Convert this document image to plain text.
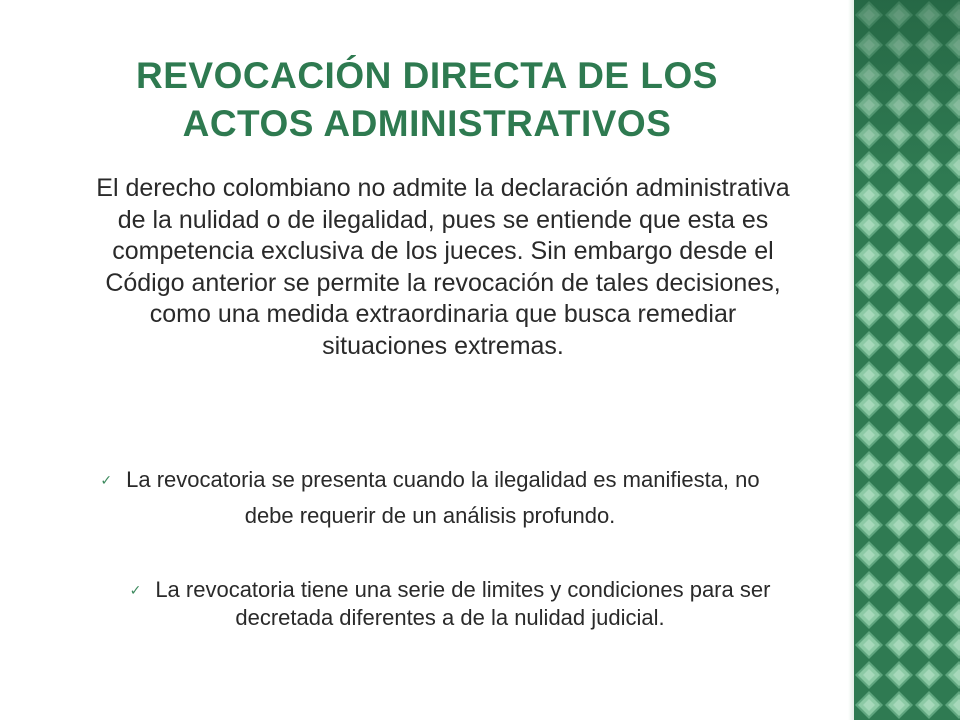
REVOCACIÓN DIRECTA DE LOS
ACTOS ADMINISTRATIVOS

El derecho colombiano no admite la declaración administrativa de la nulidad o de ilegalidad, pues se entiende que esta es competencia exclusiva de los jueces. Sin embargo desde el Código anterior se permite la revocación de tales decisiones, como una medida extraordinaria que busca remediar situaciones extremas.

✓ La revocatoria se presenta cuando la ilegalidad es manifiesta, no debe requerir de un análisis profundo.
✓ La revocatoria tiene una serie de limites y condiciones para ser decretada diferentes a de la nulidad judicial.
